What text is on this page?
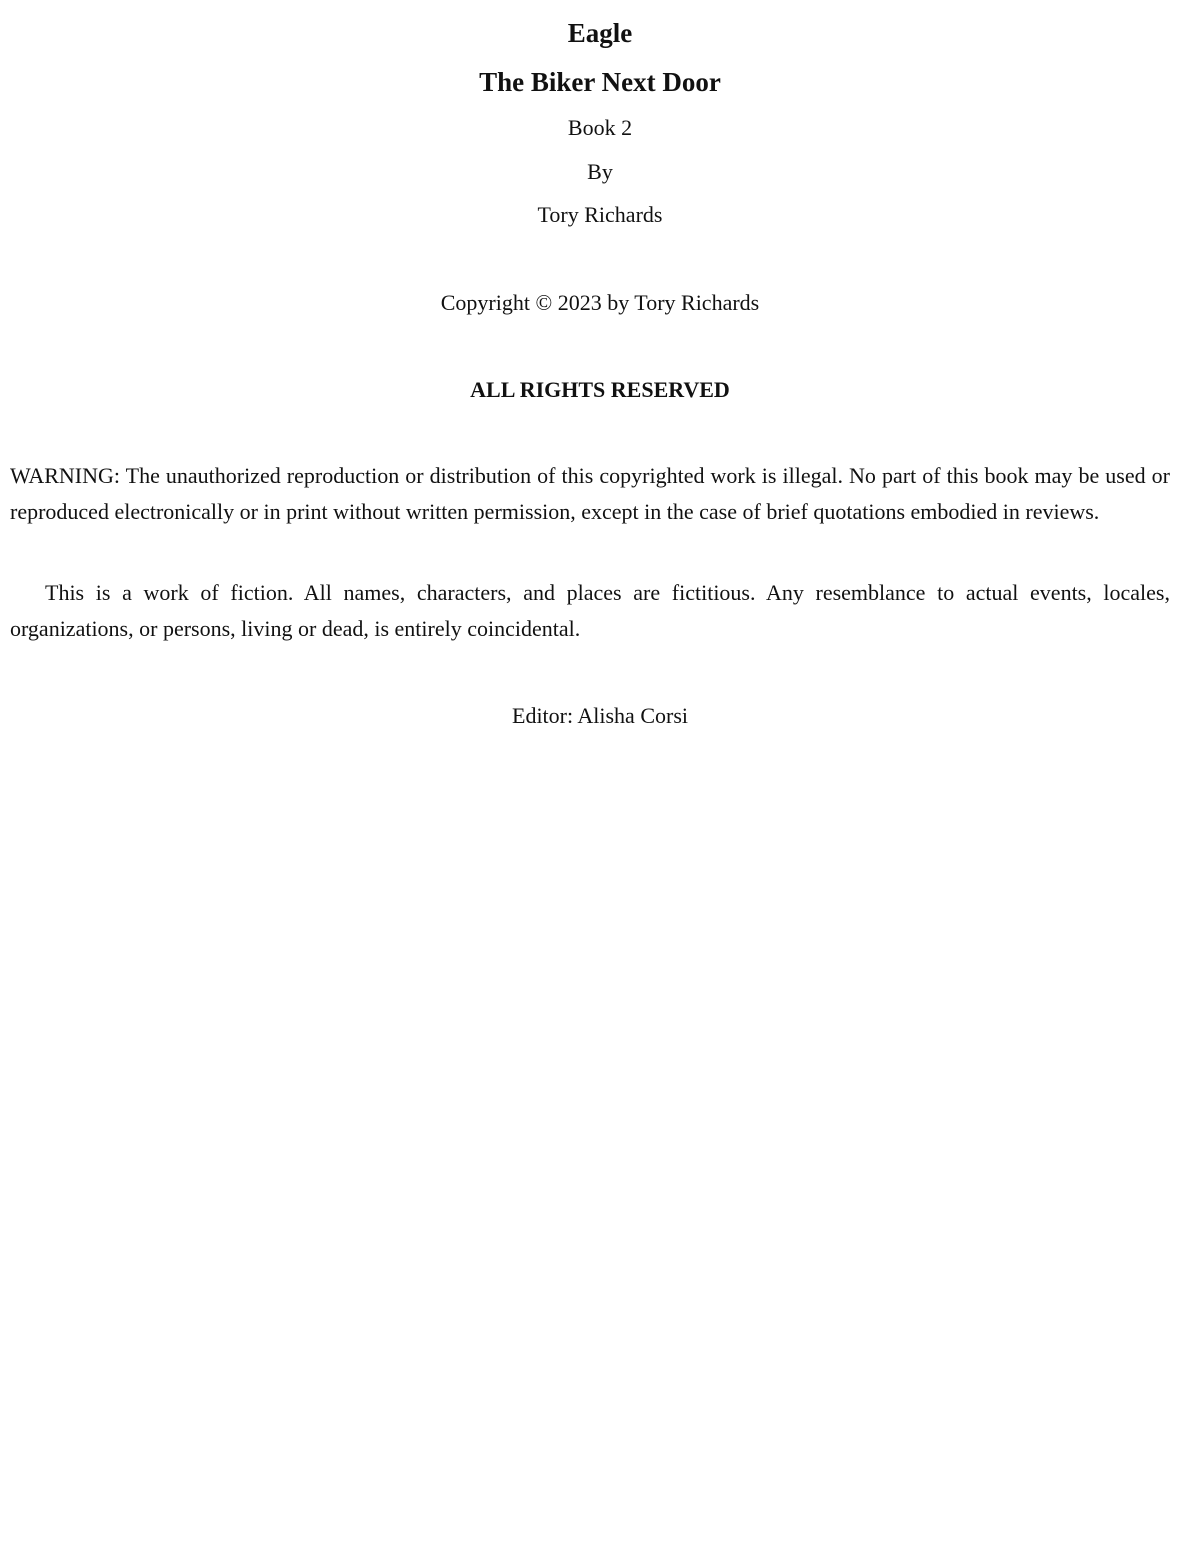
Eagle
The Biker Next Door

Book 2

By

Tory Richards

Copyright © 2023 by Tory Richards

ALL RIGHTS RESERVED

WARNING: The unauthorized reproduction or distribution of this copyrighted work is illegal. No part of this book may be used or reproduced electronically or in print without written permission, except in the case of brief quotations embodied in reviews.

This is a work of fiction. All names, characters, and places are fictitious. Any resemblance to actual events, locales, organizations, or persons, living or dead, is entirely coincidental.

Editor: Alisha Corsi
